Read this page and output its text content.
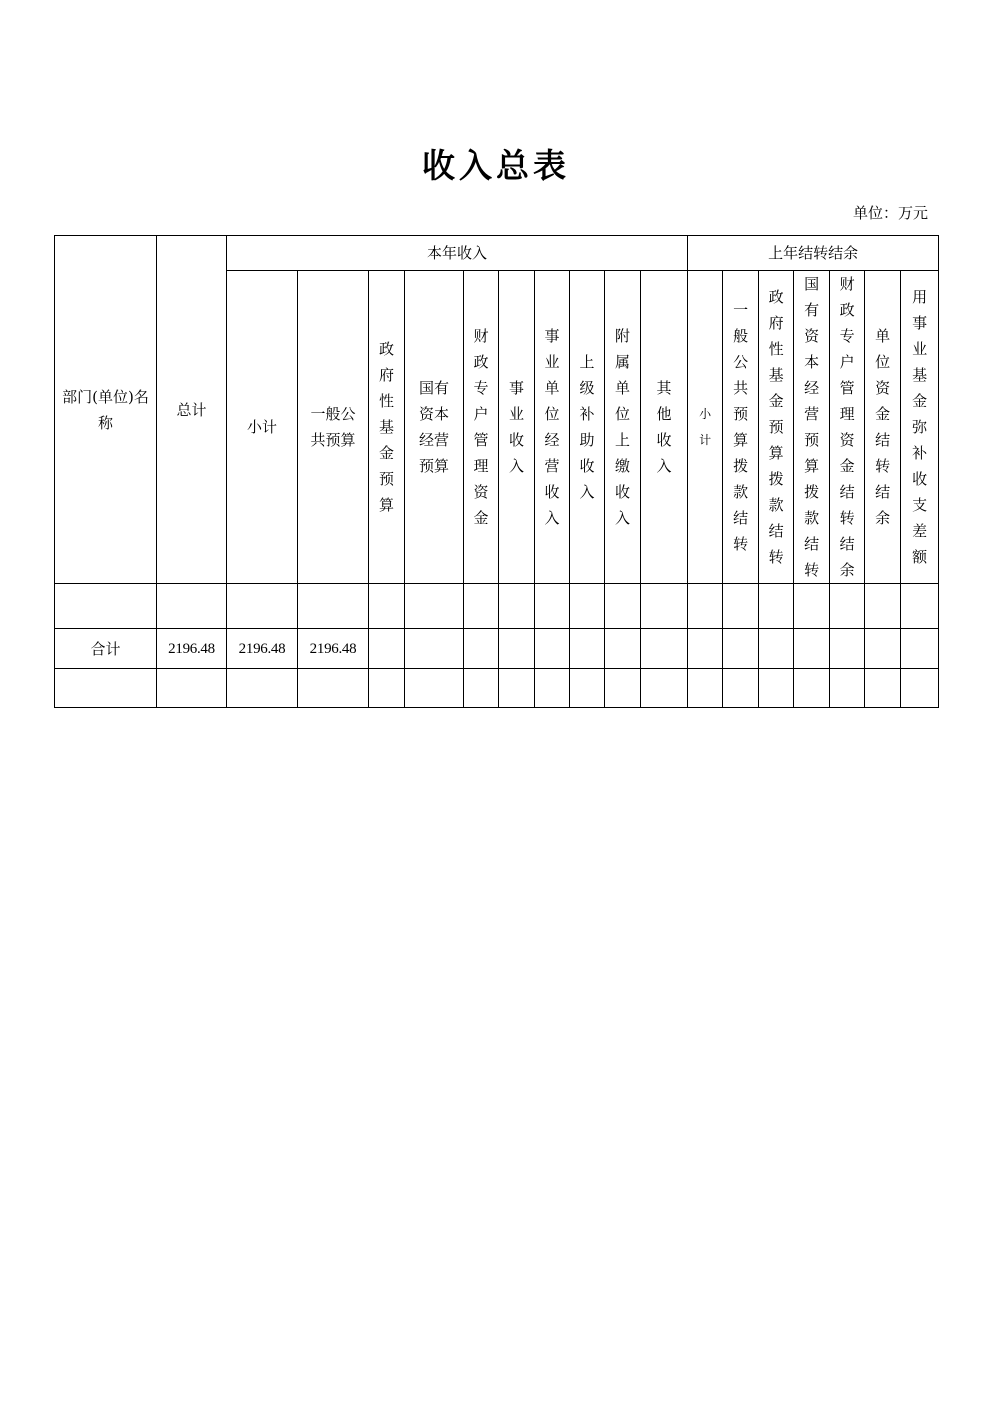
收入总表
单位：万元
部门(单位)名称	总计	本年收入										上年结转结余						
		小计	一般公共预算	政府性基金预算	国有资本经营预算	财政专户管理资金	事业收入	事业单位经营收入	上级补助收入	附属单位上缴收入	其他收入	小计	一般公共预算拨款结转	政府性基金预算拨款结转	国有资本经营预算拨款结转	财政专户管理资金结转结余	单位资金结转结余	用事业基金弥补收支差额

合计	2196.48	2196.48	2196.48															
